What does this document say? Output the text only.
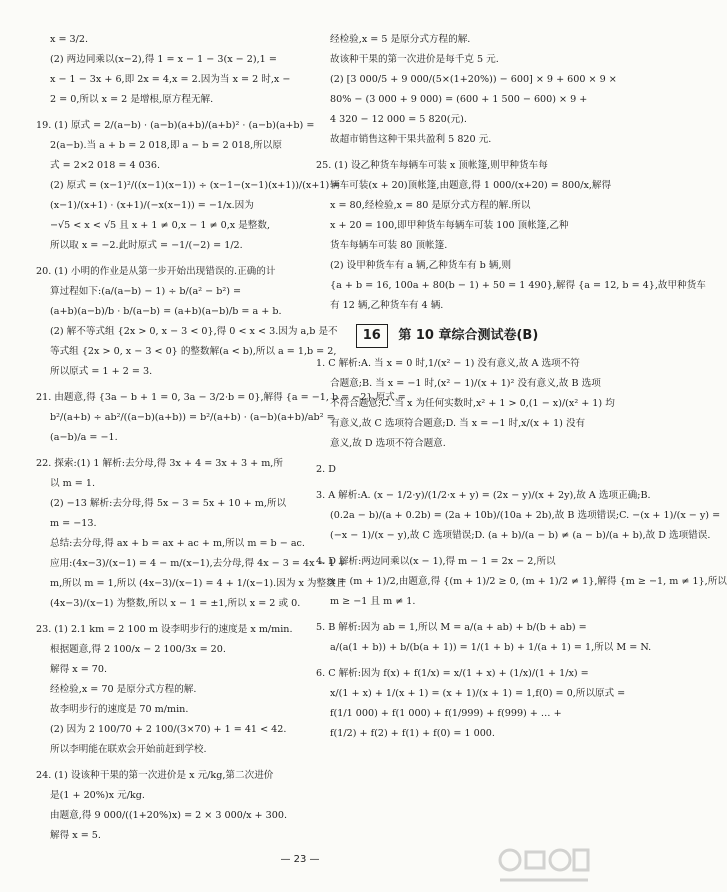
x = 3/2.
(2) 两边同乘以(x−2),得 1 = x − 1 − 3(x − 2),1 =
x − 1 − 3x + 6,即 2x = 4,x = 2.因为当 x = 2 时,x −
2 = 0,所以 x = 2 是增根,原方程无解.
19. (1) 原式 = 2/(a−b) · (a−b)(a+b)/(a+b)² · (a−b)(a+b) =
2(a−b).当 a + b = 2 018,即 a − b = 2 018,所以原
式 = 2×2 018 = 4 036.
(2) 原式 = (x−1)²/((x−1)(x−1)) ÷ (x−1−(x−1)(x+1))/(x+1) =
(x−1)/(x+1) · (x+1)/(−x(x−1)) = −1/x.因为
−√5 < x < √5 且 x + 1 ≠ 0,x − 1 ≠ 0,x 是整数,
所以取 x = −2.此时原式 = −1/(−2) = 1/2.
20. (1) 小明的作业是从第一步开始出现错误的.正确的计
算过程如下:(a/(a−b) − 1) ÷ b/(a² − b²) =
(a+b)(a−b)/b · b/(a−b) = (a+b)(a−b)/b = a + b.
(2) 解不等式组 {2x > 0, x − 3 < 0},得 0 < x < 3.因为 a,b 是不
等式组 {2x > 0, x − 3 < 0} 的整数解(a < b),所以 a = 1,b = 2,
所以原式 = 1 + 2 = 3.
21. 由题意,得 {3a − b + 1 = 0, 3a − 3/2·b = 0},解得 {a = −1, b = −2}.原式 =
b²/(a+b) ÷ ab²/((a−b)(a+b)) = b²/(a+b) · (a−b)(a+b)/ab² =
(a−b)/a = −1.
22. 探索:(1) 1 解析:去分母,得 3x + 4 = 3x + 3 + m,所
以 m = 1.
(2) −13 解析:去分母,得 5x − 3 = 5x + 10 + m,所以
m = −13.
总结:去分母,得 ax + b = ax + ac + m,所以 m = b − ac.
应用:(4x−3)/(x−1) = 4 − m/(x−1),去分母,得 4x − 3 = 4x − 1 +
m,所以 m = 1,所以 (4x−3)/(x−1) = 4 + 1/(x−1).因为 x 为整数且
(4x−3)/(x−1) 为整数,所以 x − 1 = ±1,所以 x = 2 或 0.
23. (1) 2.1 km = 2 100 m 设李明步行的速度是 x m/min.
根据题意,得 2 100/x − 2 100/3x = 20.
解得 x = 70.
经检验,x = 70 是原分式方程的解.
故李明步行的速度是 70 m/min.
(2) 因为 2 100/70 + 2 100/(3×70) + 1 = 41 < 42.
所以李明能在联欢会开始前赶到学校.
24. (1) 设该种干果的第一次进价是 x 元/kg,第二次进价
是(1 + 20%)x 元/kg.
由题意,得 9 000/((1+20%)x) = 2 × 3 000/x + 300.
解得 x = 5.
经检验,x = 5 是原分式方程的解.
故该种干果的第一次进价是每千克 5 元.
(2) [3 000/5 + 9 000/(5×(1+20%)) − 600] × 9 + 600 × 9 ×
80% − (3 000 + 9 000) = (600 + 1 500 − 600) × 9 +
4 320 − 12 000 = 5 820(元).
故超市销售这种干果共盈利 5 820 元.
25. (1) 设乙种货车每辆车可装 x 顶帐篷,则甲种货车每
辆车可装(x + 20)顶帐篷,由题意,得 1 000/(x+20) = 800/x,解得
x = 80,经检验,x = 80 是原分式方程的解.所以
x + 20 = 100,即甲种货车每辆车可装 100 顶帐篷,乙种
货车每辆车可装 80 顶帐篷.
(2) 设甲种货车有 a 辆,乙种货车有 b 辆,则
{a + b = 16, 100a + 80(b − 1) + 50 = 1 490},解得 {a = 12, b = 4},故甲种货车
有 12 辆,乙种货车有 4 辆.
16 第 10 章综合测试卷(B)
1. C 解析:A. 当 x = 0 时,1/(x² − 1) 没有意义,故 A 选项不符
合题意;B. 当 x = −1 时,(x² − 1)/(x + 1)² 没有意义,故 B 选项
不符合题意;C. 当 x 为任何实数时,x² + 1 > 0,(1 − x)/(x² + 1) 均
有意义,故 C 选项符合题意;D. 当 x = −1 时,x/(x + 1) 没有
意义,故 D 选项不符合题意.
2. D
3. A 解析:A. (x − 1/2·y)/(1/2·x + y) = (2x − y)/(x + 2y),故 A 选项正确;B.
(0.2a − b)/(a + 0.2b) = (2a + 10b)/(10a + 2b),故 B 选项错误;C. −(x + 1)/(x − y) =
(−x − 1)/(x − y),故 C 选项错误;D. (a + b)/(a − b) ≠ (a − b)/(a + b),故 D 选项错误.
4. D 解析:两边同乘以(x − 1),得 m − 1 = 2x − 2,所以
x = (m + 1)/2,由题意,得 {(m + 1)/2 ≥ 0, (m + 1)/2 ≠ 1},解得 {m ≥ −1, m ≠ 1},所以
m ≥ −1 且 m ≠ 1.
5. B 解析:因为 ab = 1,所以 M = a/(a + ab) + b/(b + ab) =
a/(a(1 + b)) + b/(b(a + 1)) = 1/(1 + b) + 1/(a + 1) = 1,所以 M = N.
6. C 解析:因为 f(x) + f(1/x) = x/(1 + x) + (1/x)/(1 + 1/x) =
x/(1 + x) + 1/(x + 1) = (x + 1)/(x + 1) = 1,f(0) = 0,所以原式 =
f(1/1 000) + f(1 000) + f(1/999) + f(999) + … +
f(1/2) + f(2) + f(1) + f(0) = 1 000.
— 23 —
